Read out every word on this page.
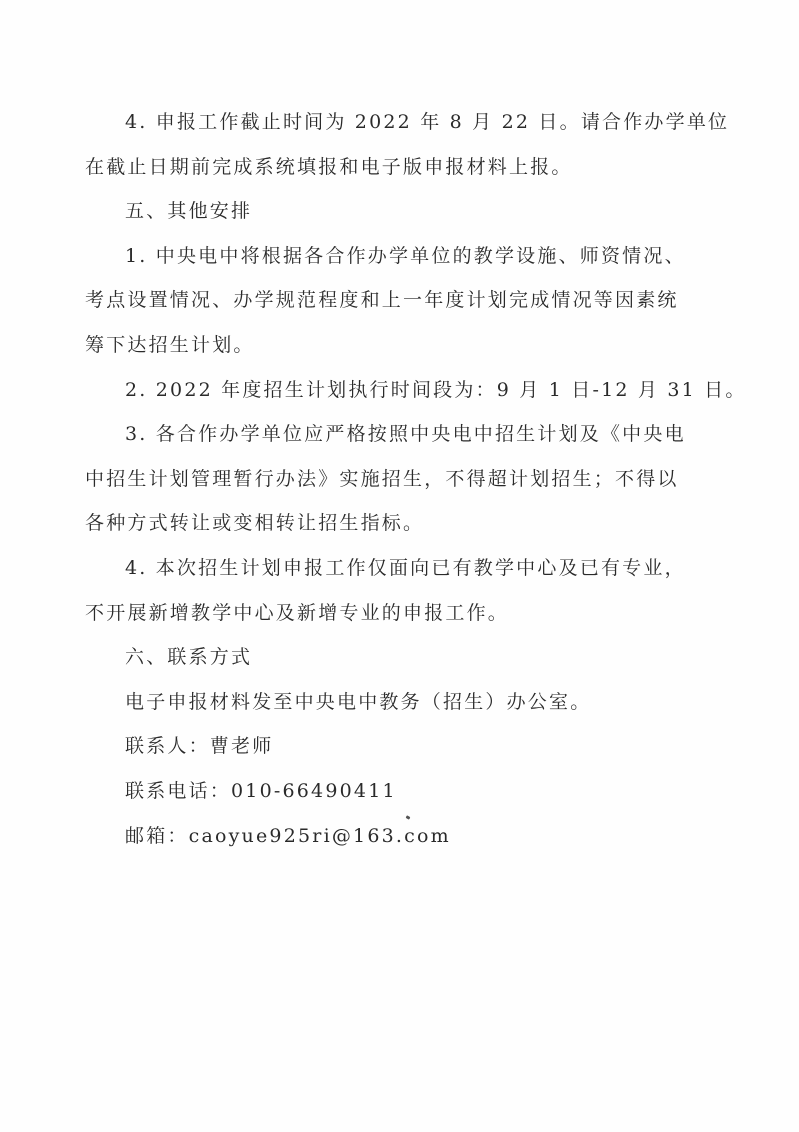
4. 申报工作截止时间为 2022 年 8 月 22 日。请合作办学单位
在截止日期前完成系统填报和电子版申报材料上报。
五、其他安排
1. 中央电中将根据各合作办学单位的教学设施、师资情况、
考点设置情况、办学规范程度和上一年度计划完成情况等因素统
筹下达招生计划。
2. 2022 年度招生计划执行时间段为：9 月 1 日-12 月 31 日。
3. 各合作办学单位应严格按照中央电中招生计划及《中央电
中招生计划管理暂行办法》实施招生，不得超计划招生；不得以
各种方式转让或变相转让招生指标。
4. 本次招生计划申报工作仅面向已有教学中心及已有专业，
不开展新增教学中心及新增专业的申报工作。
六、联系方式
电子申报材料发至中央电中教务（招生）办公室。
联系人：曹老师
联系电话：010-66490411
邮箱：caoyue925ri@163.com
